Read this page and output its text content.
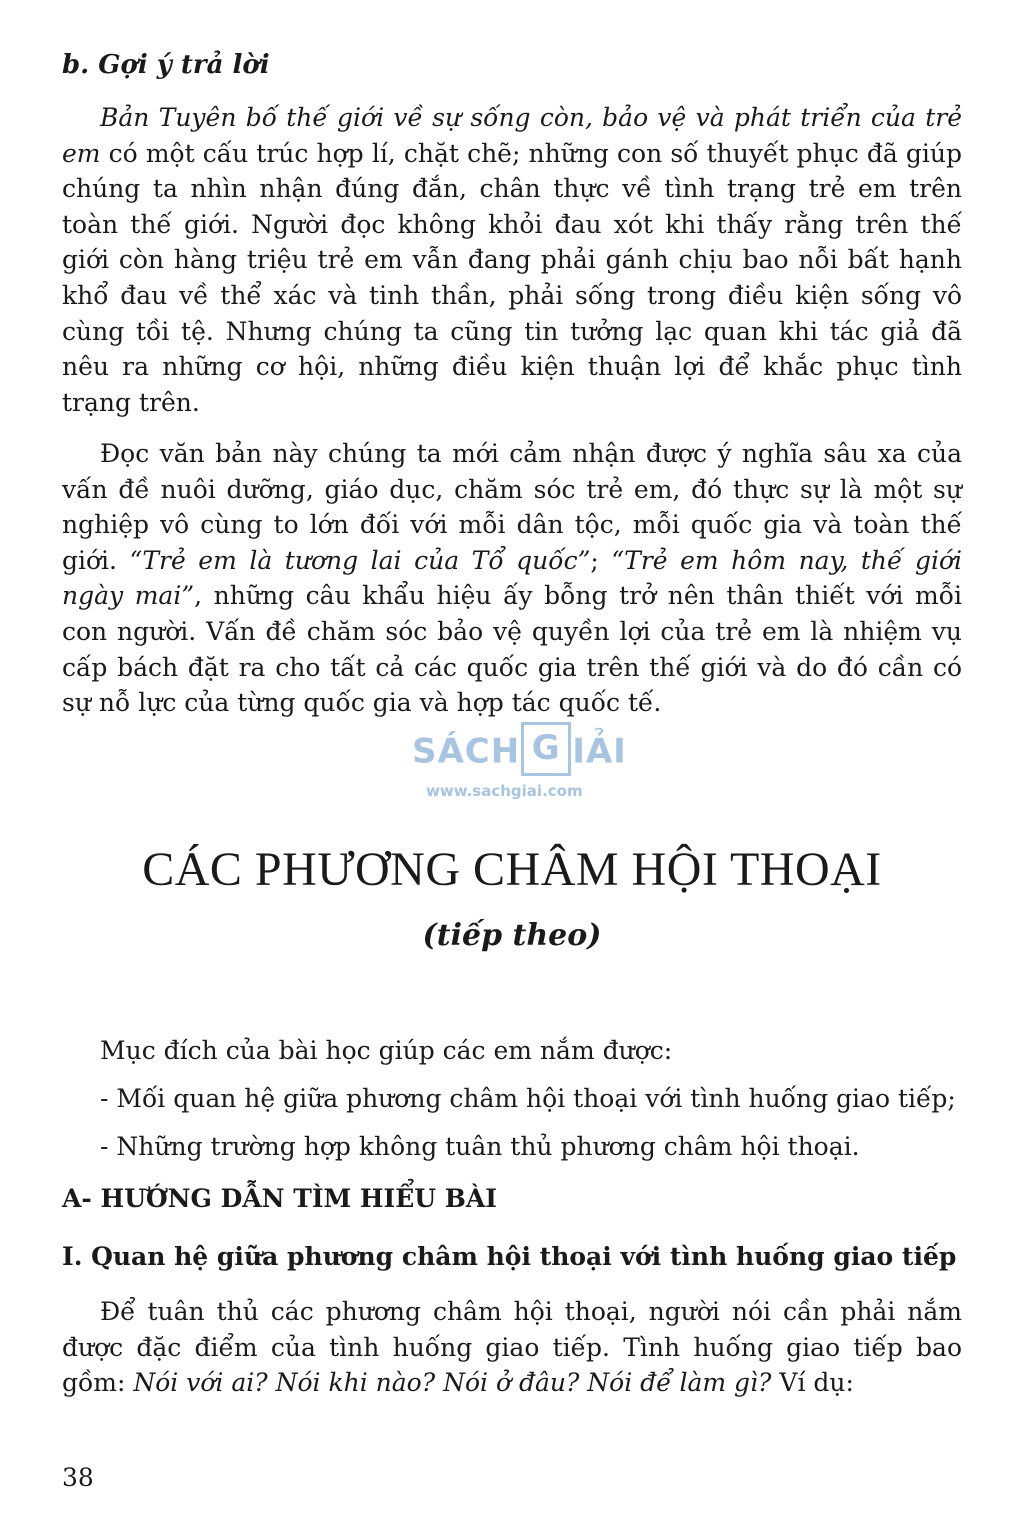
b. Gợi ý trả lời

Bản Tuyên bố thế giới về sự sống còn, bảo vệ và phát triển của trẻ em có một cấu trúc hợp lí, chặt chẽ; những con số thuyết phục đã giúp chúng ta nhìn nhận đúng đắn, chân thực về tình trạng trẻ em trên toàn thế giới. Người đọc không khỏi đau xót khi thấy rằng trên thế giới còn hàng triệu trẻ em vẫn đang phải gánh chịu bao nỗi bất hạnh khổ đau về thể xác và tinh thần, phải sống trong điều kiện sống vô cùng tồi tệ. Nhưng chúng ta cũng tin tưởng lạc quan khi tác giả đã nêu ra những cơ hội, những điều kiện thuận lợi để khắc phục tình trạng trên.

Đọc văn bản này chúng ta mới cảm nhận được ý nghĩa sâu xa của vấn đề nuôi dưỡng, giáo dục, chăm sóc trẻ em, đó thực sự là một sự nghiệp vô cùng to lớn đối với mỗi dân tộc, mỗi quốc gia và toàn thế giới. “Trẻ em là tương lai của Tổ quốc”; “Trẻ em hôm nay, thế giới ngày mai”, những câu khẩu hiệu ấy bỗng trở nên thân thiết với mỗi con người. Vấn đề chăm sóc bảo vệ quyền lợi của trẻ em là nhiệm vụ cấp bách đặt ra cho tất cả các quốc gia trên thế giới và do đó cần có sự nỗ lực của từng quốc gia và hợp tác quốc tế.

SÁCH G IẢI
www.sachgiai.com
CÁC PHƯƠNG CHÂM HỘI THOẠI

(tiếp theo)

Mục đích của bài học giúp các em nắm được:

- Mối quan hệ giữa phương châm hội thoại với tình huống giao tiếp;

- Những trường hợp không tuân thủ phương châm hội thoại.

A- HƯỚNG DẪN TÌM HIỂU BÀI

I. Quan hệ giữa phương châm hội thoại với tình huống giao tiếp

Để tuân thủ các phương châm hội thoại, người nói cần phải nắm được đặc điểm của tình huống giao tiếp. Tình huống giao tiếp bao gồm: Nói với ai? Nói khi nào? Nói ở đâu? Nói để làm gì? Ví dụ:

38
